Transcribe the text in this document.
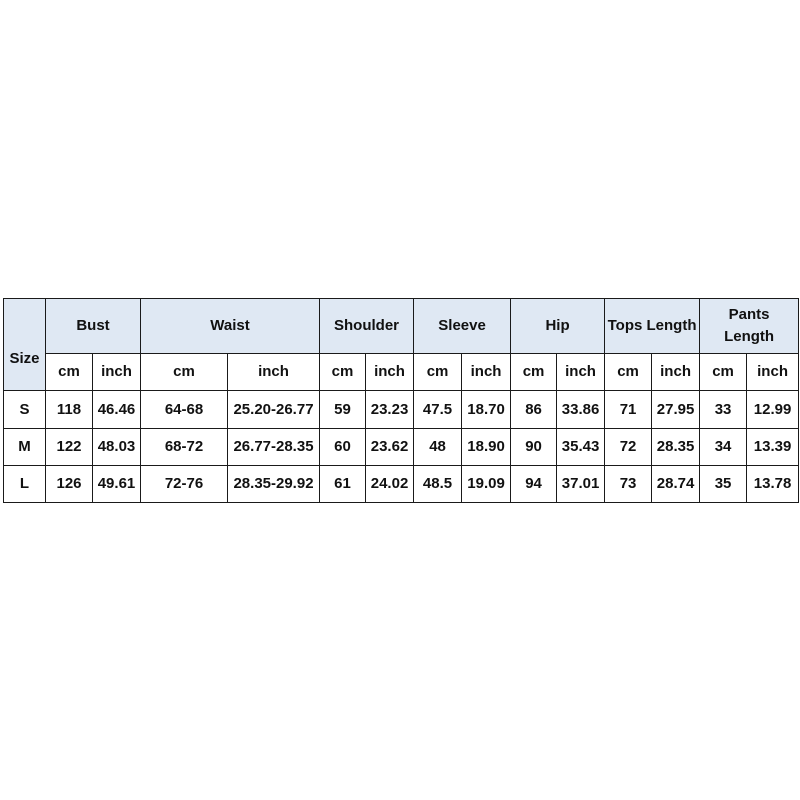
Size	Bust		Waist		Shoulder		Sleeve		Hip		Tops Length		Pants
Length	
	cm	inch	cm	inch	cm	inch	cm	inch	cm	inch	cm	inch	cm	inch
S	118	46.46	64-68	25.20-26.77	59	23.23	47.5	18.70	86	33.86	71	27.95	33	12.99
M	122	48.03	68-72	26.77-28.35	60	23.62	48	18.90	90	35.43	72	28.35	34	13.39
L	126	49.61	72-76	28.35-29.92	61	24.02	48.5	19.09	94	37.01	73	28.74	35	13.78
